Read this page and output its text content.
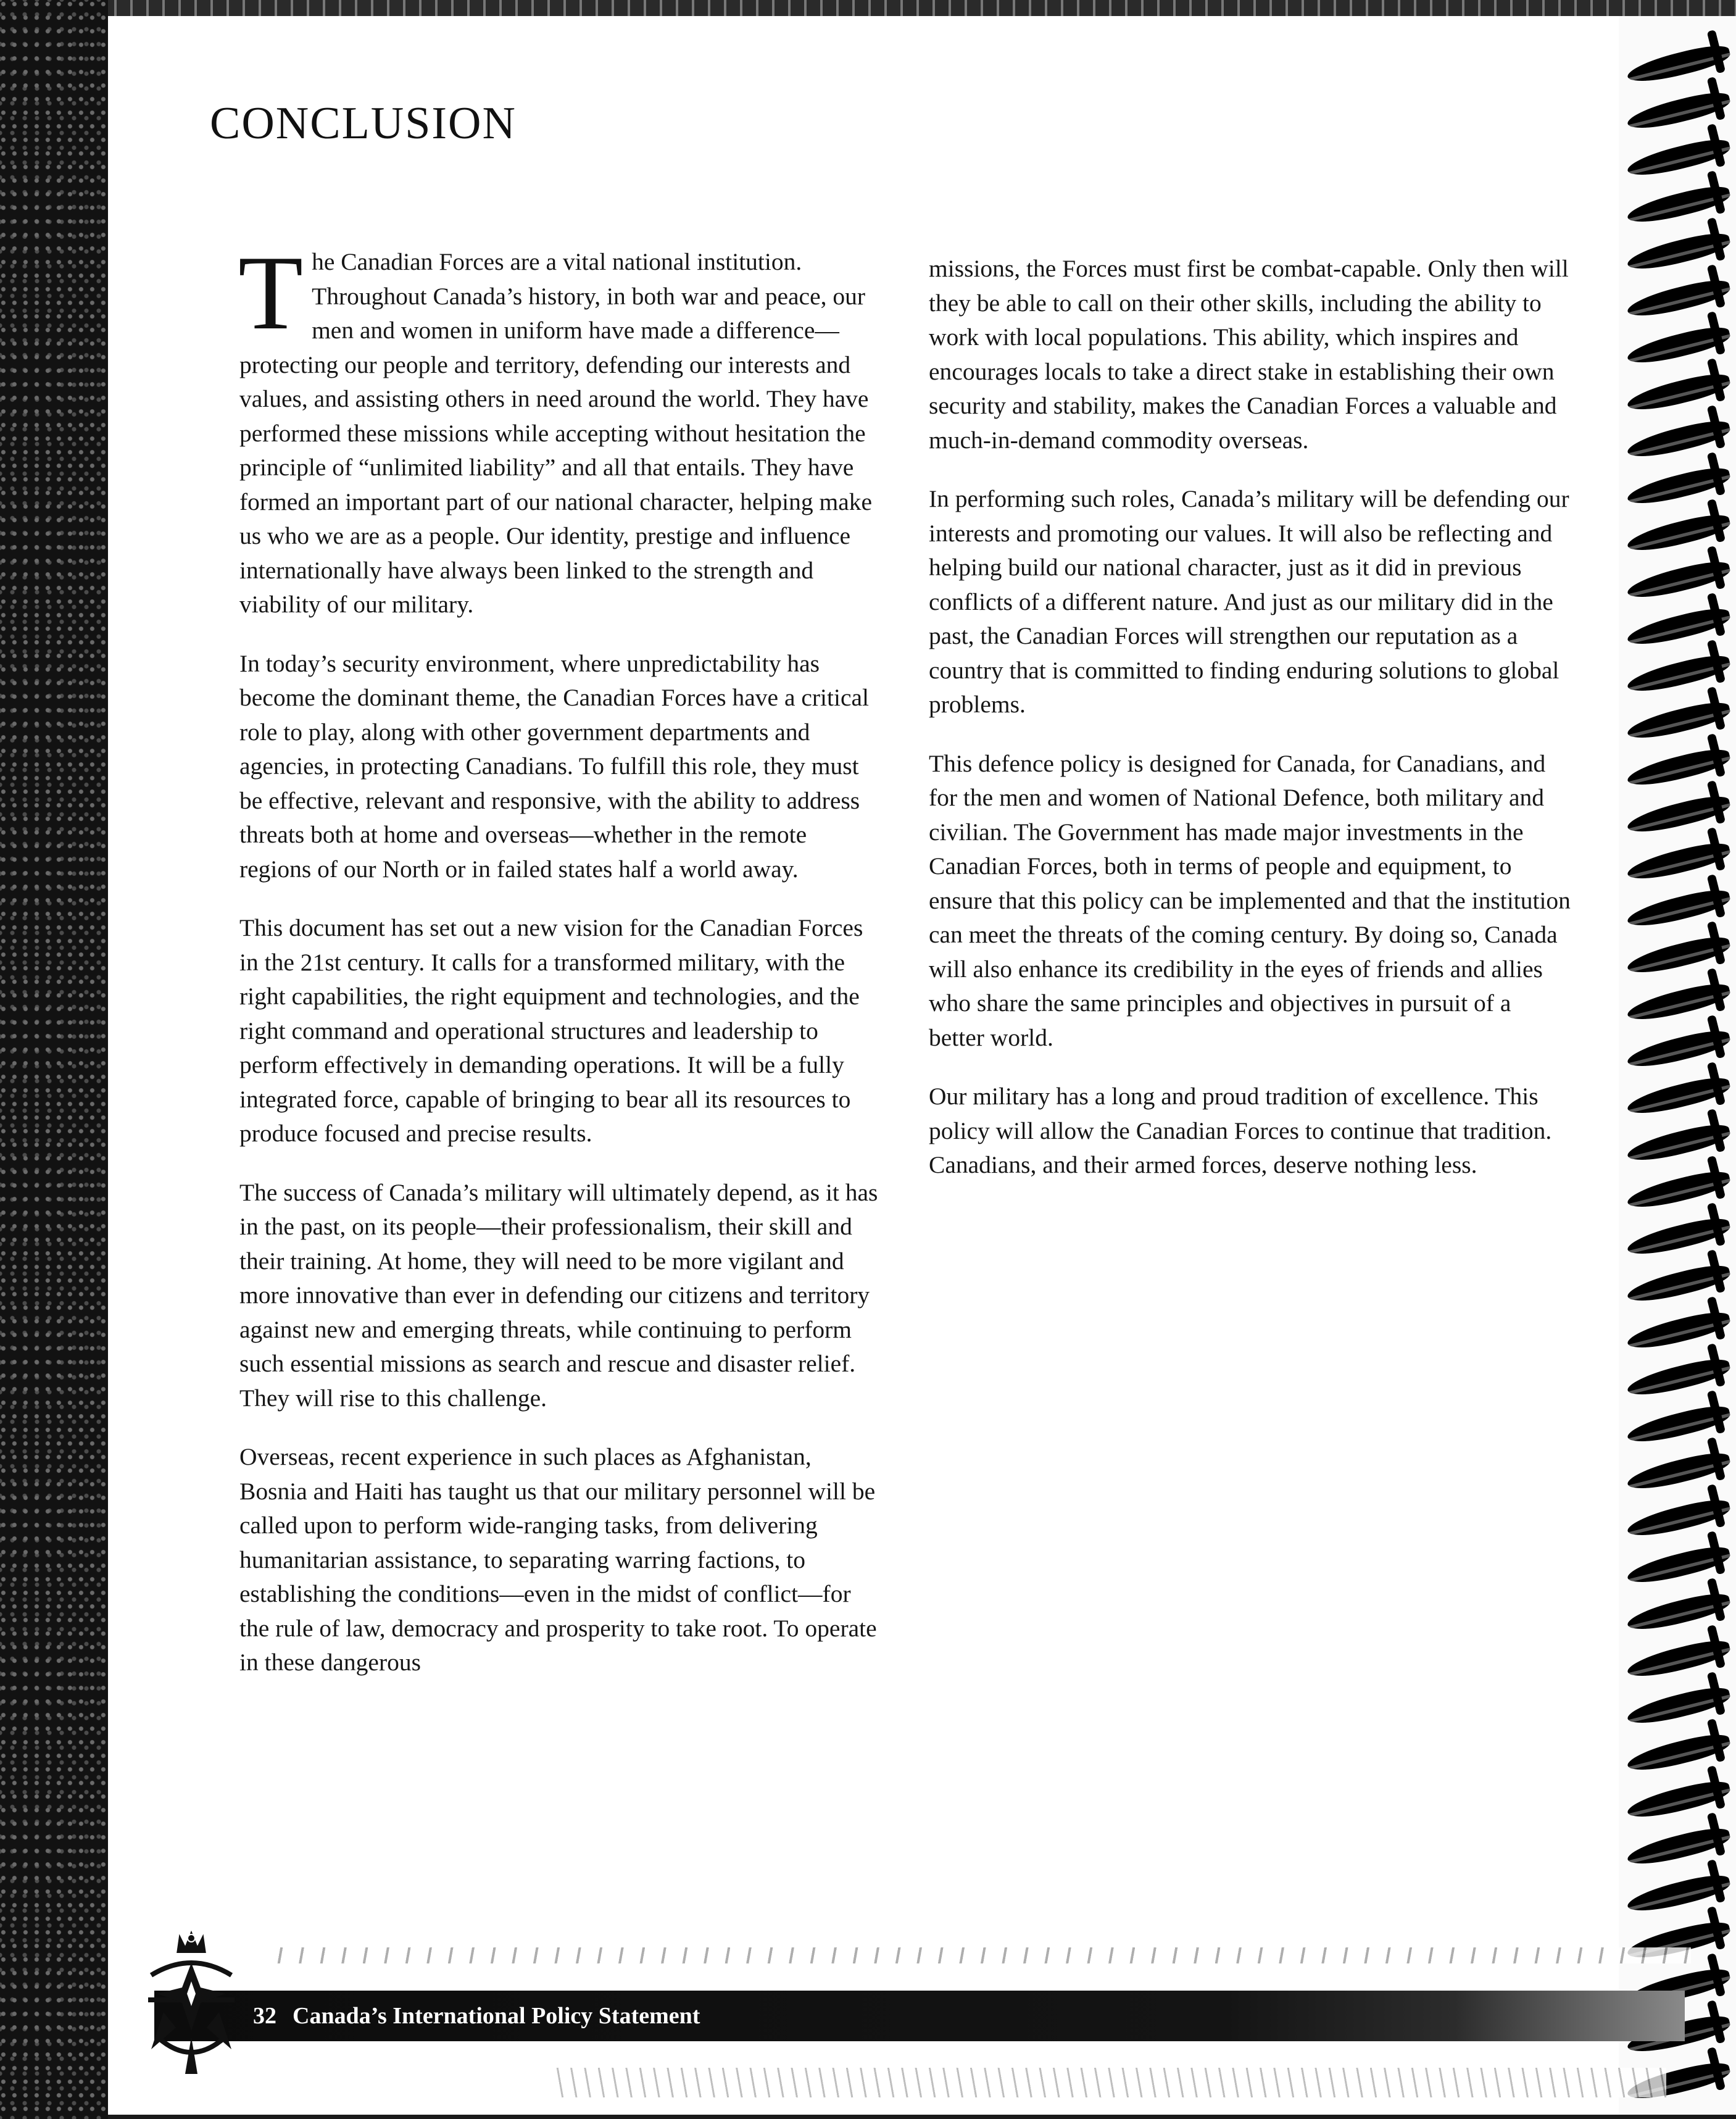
CONCLUSION

The Canadian Forces are a vital national institution. Throughout Canada’s history, in both war and peace, our men and women in uniform have made a difference—protecting our people and territory, defending our interests and values, and assisting others in need around the world. They have performed these missions while accepting without hesitation the principle of “unlimited liability” and all that entails. They have formed an important part of our national character, helping make us who we are as a people. Our identity, prestige and influence internationally have always been linked to the strength and viability of our military.

In today’s security environment, where unpredictability has become the dominant theme, the Canadian Forces have a critical role to play, along with other government departments and agencies, in protecting Canadians. To fulfill this role, they must be effective, relevant and responsive, with the ability to address threats both at home and overseas—whether in the remote regions of our North or in failed states half a world away.

This document has set out a new vision for the Canadian Forces in the 21st century. It calls for a transformed military, with the right capabilities, the right equipment and technologies, and the right command and operational structures and leadership to perform effectively in demanding operations. It will be a fully integrated force, capable of bringing to bear all its resources to produce focused and precise results.

The success of Canada’s military will ultimately depend, as it has in the past, on its people—their professionalism, their skill and their training. At home, they will need to be more vigilant and more innovative than ever in defending our citizens and territory against new and emerging threats, while continuing to perform such essential missions as search and rescue and disaster relief. They will rise to this challenge.

Overseas, recent experience in such places as Afghanistan, Bosnia and Haiti has taught us that our military personnel will be called upon to perform wide-ranging tasks, from delivering humanitarian assistance, to separating warring factions, to establishing the conditions—even in the midst of conflict—for the rule of law, democracy and prosperity to take root. To operate in these dangerous

missions, the Forces must first be combat-capable. Only then will they be able to call on their other skills, including the ability to work with local populations. This ability, which inspires and encourages locals to take a direct stake in establishing their own security and stability, makes the Canadian Forces a valuable and much-in-demand commodity overseas.

In performing such roles, Canada’s military will be defending our interests and promoting our values. It will also be reflecting and helping build our national character, just as it did in previous conflicts of a different nature. And just as our military did in the past, the Canadian Forces will strengthen our reputation as a country that is committed to finding enduring solutions to global problems.

This defence policy is designed for Canada, for Canadians, and for the men and women of National Defence, both military and civilian. The Government has made major investments in the Canadian Forces, both in terms of people and equipment, to ensure that this policy can be implemented and that the institution can meet the threats of the coming century. By doing so, Canada will also enhance its credibility in the eyes of friends and allies who share the same principles and objectives in pursuit of a better world.

Our military has a long and proud tradition of excellence. This policy will allow the Canadian Forces to continue that tradition. Canadians, and their armed forces, deserve nothing less.

32 Canada’s International Policy Statement
